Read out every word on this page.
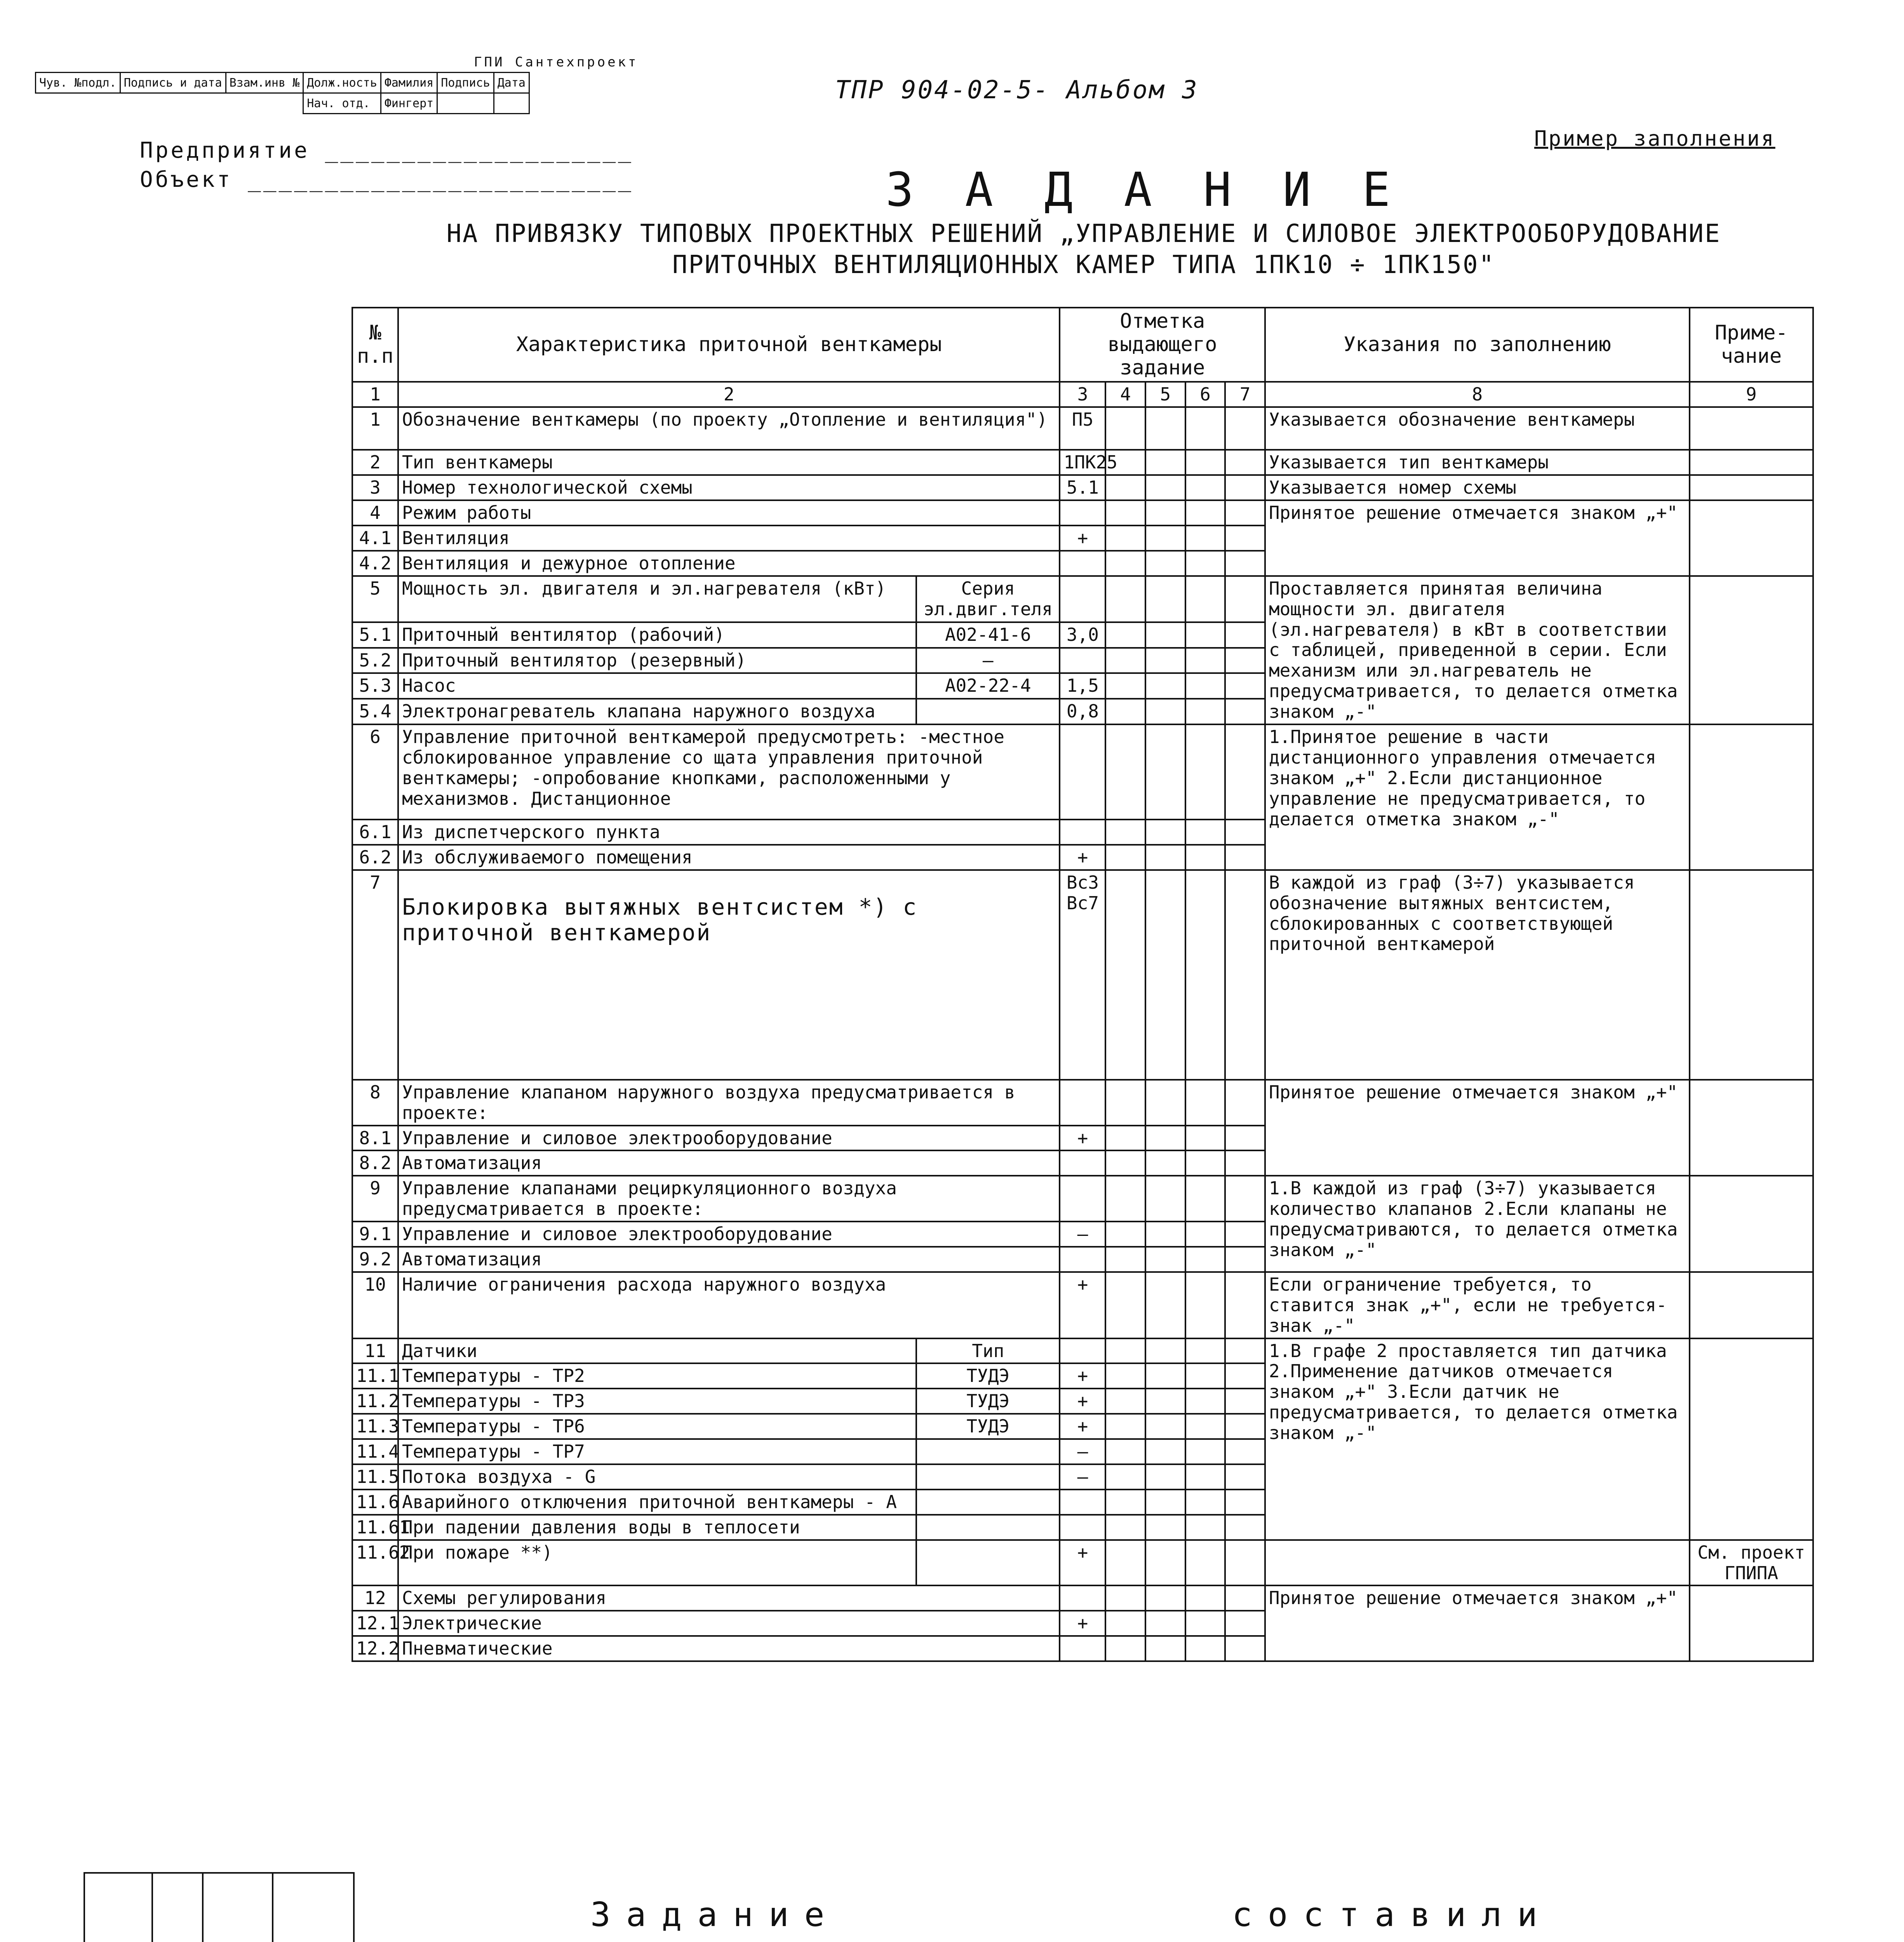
Чув. №подл.	Подпись и дата	Взам.инв №	Долж.ность	Фамилия	Подпись	Дата
			Нач. отд.	Фингерт		
ГПИ Сантехпроект
ТПР 904-02-5- Альбом 3
Пример заполнения
Предприятие ____________________
Объект _________________________	З А Д А Н И Е
НА ПРИВЯЗКУ ТИПОВЫХ ПРОЕКТНЫХ РЕШЕНИЙ „УПРАВЛЕНИЕ И СИЛОВОЕ ЭЛЕКТРООБОРУДОВАНИЕ
ПРИТОЧНЫХ ВЕНТИЛЯЦИОННЫХ КАМЕР ТИПА 1ПК10 ÷ 1ПК150"
№ п.п	Характеристика приточной венткамеры		Отметка выдающего задание					Указания по заполнению	Приме-чание
1	2		3	4	5	6	7	8	9
1	Обозначение венткамеры (по проекту „Отопление и вентиляция")		П5					Указывается обозначение венткамеры	
2	Тип венткамеры		1ПК25					Указывается тип венткамеры	
3	Номер технологической схемы		5.1					Указывается номер схемы	
4	Режим работы							Принятое решение отмечается знаком „+"	
4.1	Вентиляция		+						
4.2	Вентиляция и дежурное отопление								
5	Мощность эл. двигателя и эл.нагревателя (кВт)	Серия эл.двиг.теля						Проставляется принятая величина мощности эл. двигателя (эл.нагревателя) в кВт в соответствии с таблицей, приведенной в серии. Если механизм или эл.нагреватель не предусматривается, то делается отметка знаком „-"	
5.1	Приточный вентилятор (рабочий)	А02-41-6	3,0						
5.2	Приточный вентилятор (резервный)	—							
5.3	Насос	А02-22-4	1,5						
5.4	Электронагреватель клапана наружного воздуха		0,8						
6	Управление приточной венткамерой предусмотреть: -местное сблокированное управление со щата управления приточной венткамеры; -опробование кнопками, расположенными у механизмов. Дистанционное							1.Принятое решение в части дистанционного управления отмечается знаком „+" 2.Если дистанционное управление не предусматривается, то делается отметка знаком „-"	
6.1	Из диспетчерского пункта								
6.2	Из обслуживаемого помещения		+						
7	Блокировка вытяжных вентсистем *) с приточной венткамерой		Вс3 Вс7					В каждой из граф (3÷7) указывается обозначение вытяжных вентсистем, сблокированных с соответствующей приточной венткамерой	
8	Управление клапаном наружного воздуха предусматривается в проекте:							Принятое решение отмечается знаком „+"	
8.1	Управление и силовое электрооборудование		+						
8.2	Автоматизация								
9	Управление клапанами рециркуляционного воздуха предусматривается в проекте:							1.В каждой из граф (3÷7) указывается количество клапанов 2.Если клапаны не предусматриваются, то делается отметка знаком „-"	
9.1	Управление и силовое электрооборудование		—						
9.2	Автоматизация								
10	Наличие ограничения расхода наружного воздуха		+					Если ограничение требуется, то ставится знак „+", если не требуется-знак „-"	
11	Датчики	Тип						1.В графе 2 проставляется тип датчика 2.Применение датчиков отмечается знаком „+" 3.Если датчик не предусматривается, то делается отметка знаком „-"	
11.1	Температуры - ТР2	ТУДЭ	+						
11.2	Температуры - ТР3	ТУДЭ	+						
11.3	Температуры - ТР6	ТУДЭ	+						
11.4	Температуры - ТР7		—						
11.5	Потока воздуха - G		—						
11.6	Аварийного отключения приточной венткамеры - А								
11.61	При падении давления воды в теплосети								
11.62	При пожаре **)		+						См. проект ГПИПА
12	Схемы регулирования							Принятое решение отмечается знаком „+"	
12.1	Электрические		+						
12.2	Пневматические								
Задание           составили
